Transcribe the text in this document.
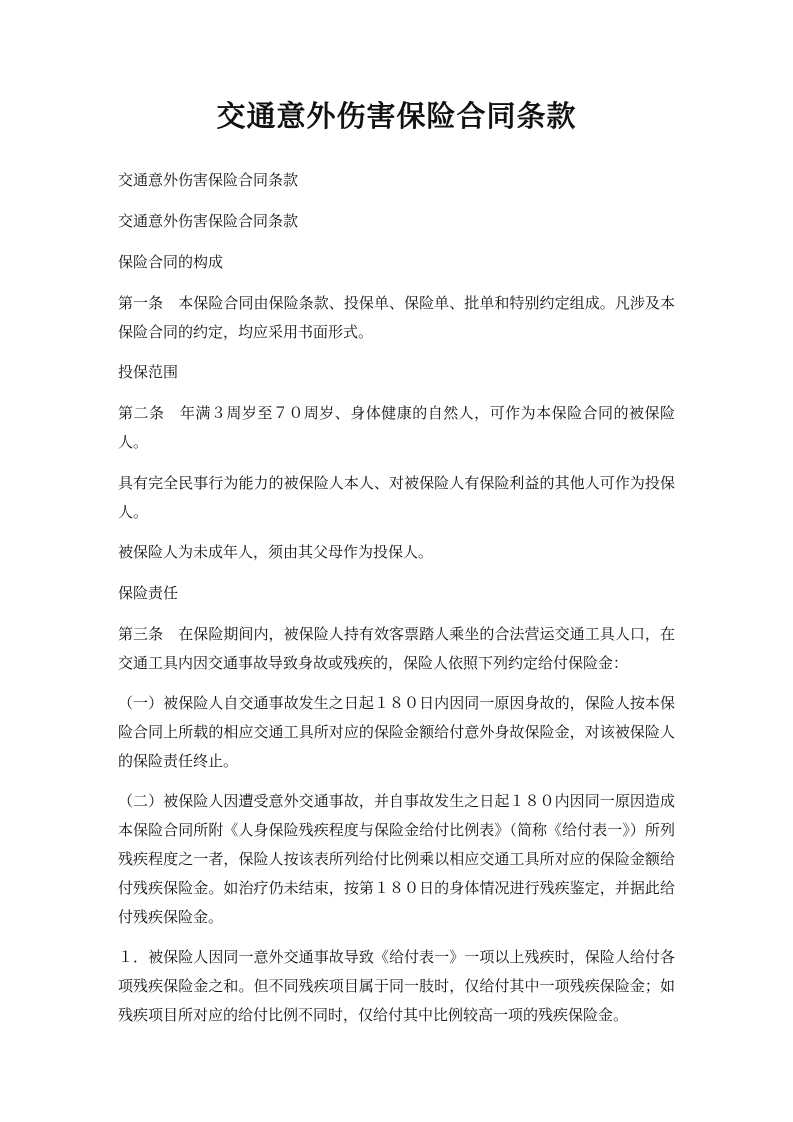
交通意外伤害保险合同条款

交通意外伤害保险合同条款

交通意外伤害保险合同条款

保险合同的构成

第一条　本保险合同由保险条款、投保单、保险单、批单和特别约定组成。凡涉及本保险合同的约定，均应采用书面形式。

投保范围

第二条　年满３周岁至７０周岁、身体健康的自然人，可作为本保险合同的被保险人。

具有完全民事行为能力的被保险人本人、对被保险人有保险利益的其他人可作为投保人。

被保险人为未成年人，须由其父母作为投保人。

保险责任

第三条　在保险期间内，被保险人持有效客票踏人乘坐的合法营运交通工具人口，在交通工具内因交通事故导致身故或残疾的，保险人依照下列约定给付保险金：

（一）被保险人自交通事故发生之日起１８０日内因同一原因身故的，保险人按本保险合同上所载的相应交通工具所对应的保险金额给付意外身故保险金，对该被保险人的保险责任终止。

（二）被保险人因遭受意外交通事故，并自事故发生之日起１８０内因同一原因造成本保险合同所附《人身保险残疾程度与保险金给付比例表》（简称《给付表一》）所列残疾程度之一者，保险人按该表所列给付比例乘以相应交通工具所对应的保险金额给付残疾保险金。如治疗仍未结束，按第１８０日的身体情况进行残疾鉴定，并据此给付残疾保险金。

１．被保险人因同一意外交通事故导致《给付表一》一项以上残疾时，保险人给付各项残疾保险金之和。但不同残疾项目属于同一肢时，仅给付其中一项残疾保险金；如残疾项目所对应的给付比例不同时，仅给付其中比例较高一项的残疾保险金。
